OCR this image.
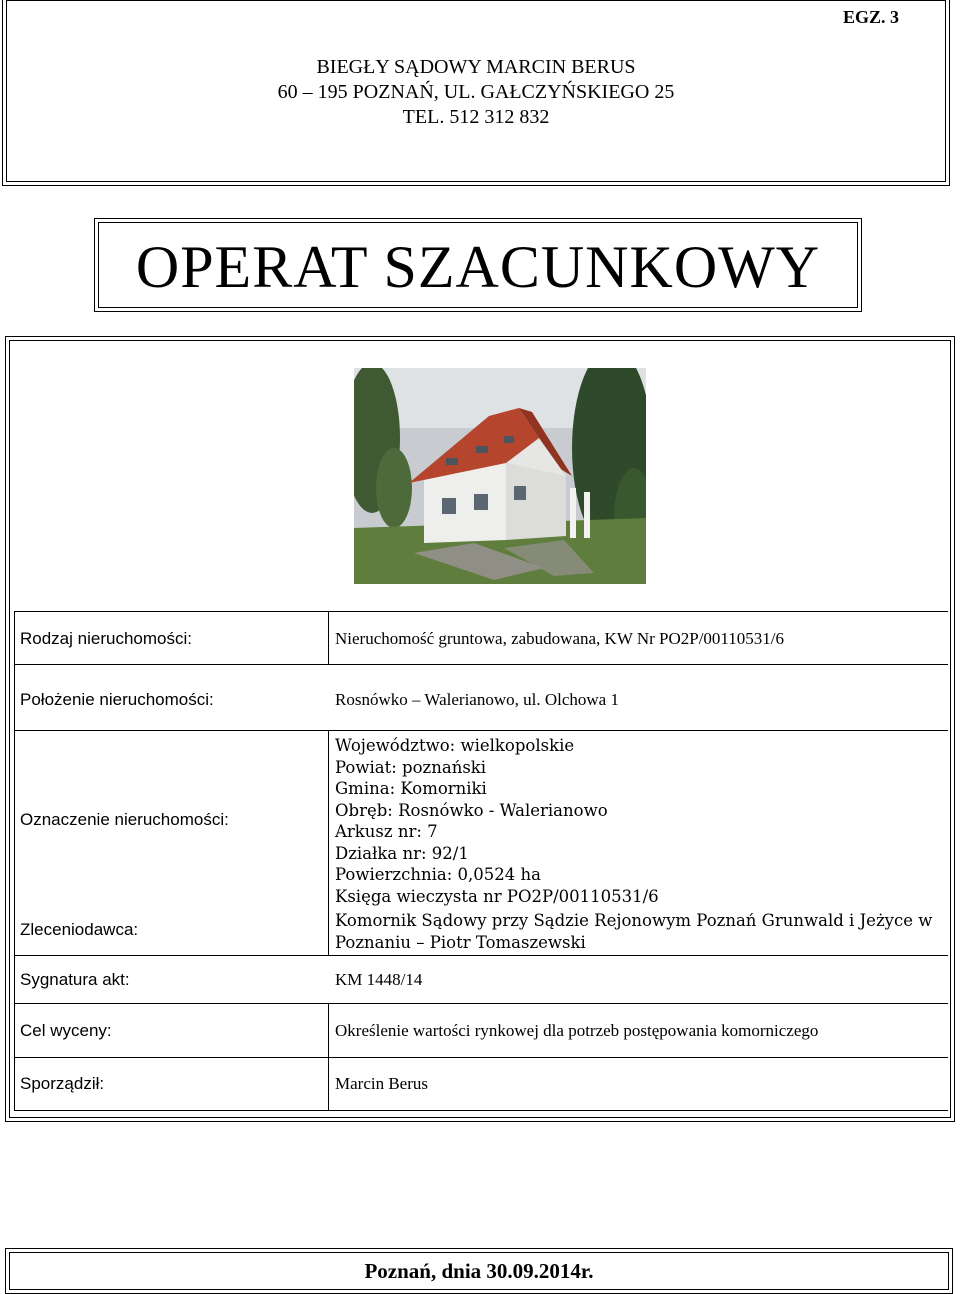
EGZ. 3
BIEGŁY SĄDOWY MARCIN BERUS
60 – 195 POZNAŃ, UL. GAŁCZYŃSKIEGO 25
TEL. 512 312 832
OPERAT SZACUNKOWY
Rodzaj nieruchomości:	Nieruchomość gruntowa, zabudowana, KW Nr PO2P/00110531/6
Położenie nieruchomości:	Rosnówko – Walerianowo, ul. Olchowa 1
Oznaczenie nieruchomości:
Województwo: wielkopolskie
Powiat: poznański
Gmina: Komorniki
Obręb: Rosnówko - Walerianowo
Arkusz nr: 7
Działka nr: 92/1
Powierzchnia: 0,0524 ha
Księga wieczysta nr PO2P/00110531/6
Zleceniodawca:	Komornik Sądowy przy Sądzie Rejonowym Poznań Grunwald i Jeżyce w
Poznaniu – Piotr Tomaszewski
Sygnatura akt:	KM 1448/14
Cel wyceny:	Określenie wartości rynkowej dla potrzeb postępowania komorniczego
Sporządził:	Marcin Berus
Poznań, dnia 30.09.2014r.
